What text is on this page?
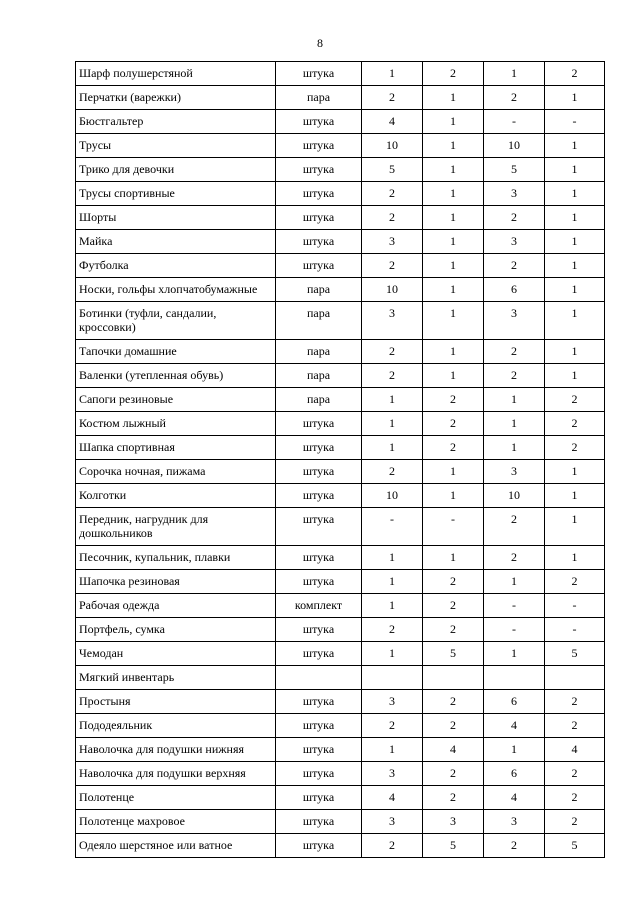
8
Шарф полушерстяной	штука	1	2	1	2
Перчатки (варежки)	пара	2	1	2	1
Бюстгальтер	штука	4	1	-	-
Трусы	штука	10	1	10	1
Трико для девочки	штука	5	1	5	1
Трусы спортивные	штука	2	1	3	1
Шорты	штука	2	1	2	1
Майка	штука	3	1	3	1
Футболка	штука	2	1	2	1
Носки, гольфы хлопчатобумажные	пара	10	1	6	1
Ботинки (туфли, сандалии, кроссовки)	пара	3	1	3	1
Тапочки домашние	пара	2	1	2	1
Валенки (утепленная обувь)	пара	2	1	2	1
Сапоги резиновые	пара	1	2	1	2
Костюм лыжный	штука	1	2	1	2
Шапка спортивная	штука	1	2	1	2
Сорочка ночная, пижама	штука	2	1	3	1
Колготки	штука	10	1	10	1
Передник, нагрудник для дошкольников	штука	-	-	2	1
Песочник, купальник, плавки	штука	1	1	2	1
Шапочка резиновая	штука	1	2	1	2
Рабочая одежда	комплект	1	2	-	-
Портфель, сумка	штука	2	2	-	-
Чемодан	штука	1	5	1	5
Мягкий инвентарь					
Простыня	штука	3	2	6	2
Пододеяльник	штука	2	2	4	2
Наволочка для подушки нижняя	штука	1	4	1	4
Наволочка для подушки верхняя	штука	3	2	6	2
Полотенце	штука	4	2	4	2
Полотенце махровое	штука	3	3	3	2
Одеяло шерстяное или ватное	штука	2	5	2	5
